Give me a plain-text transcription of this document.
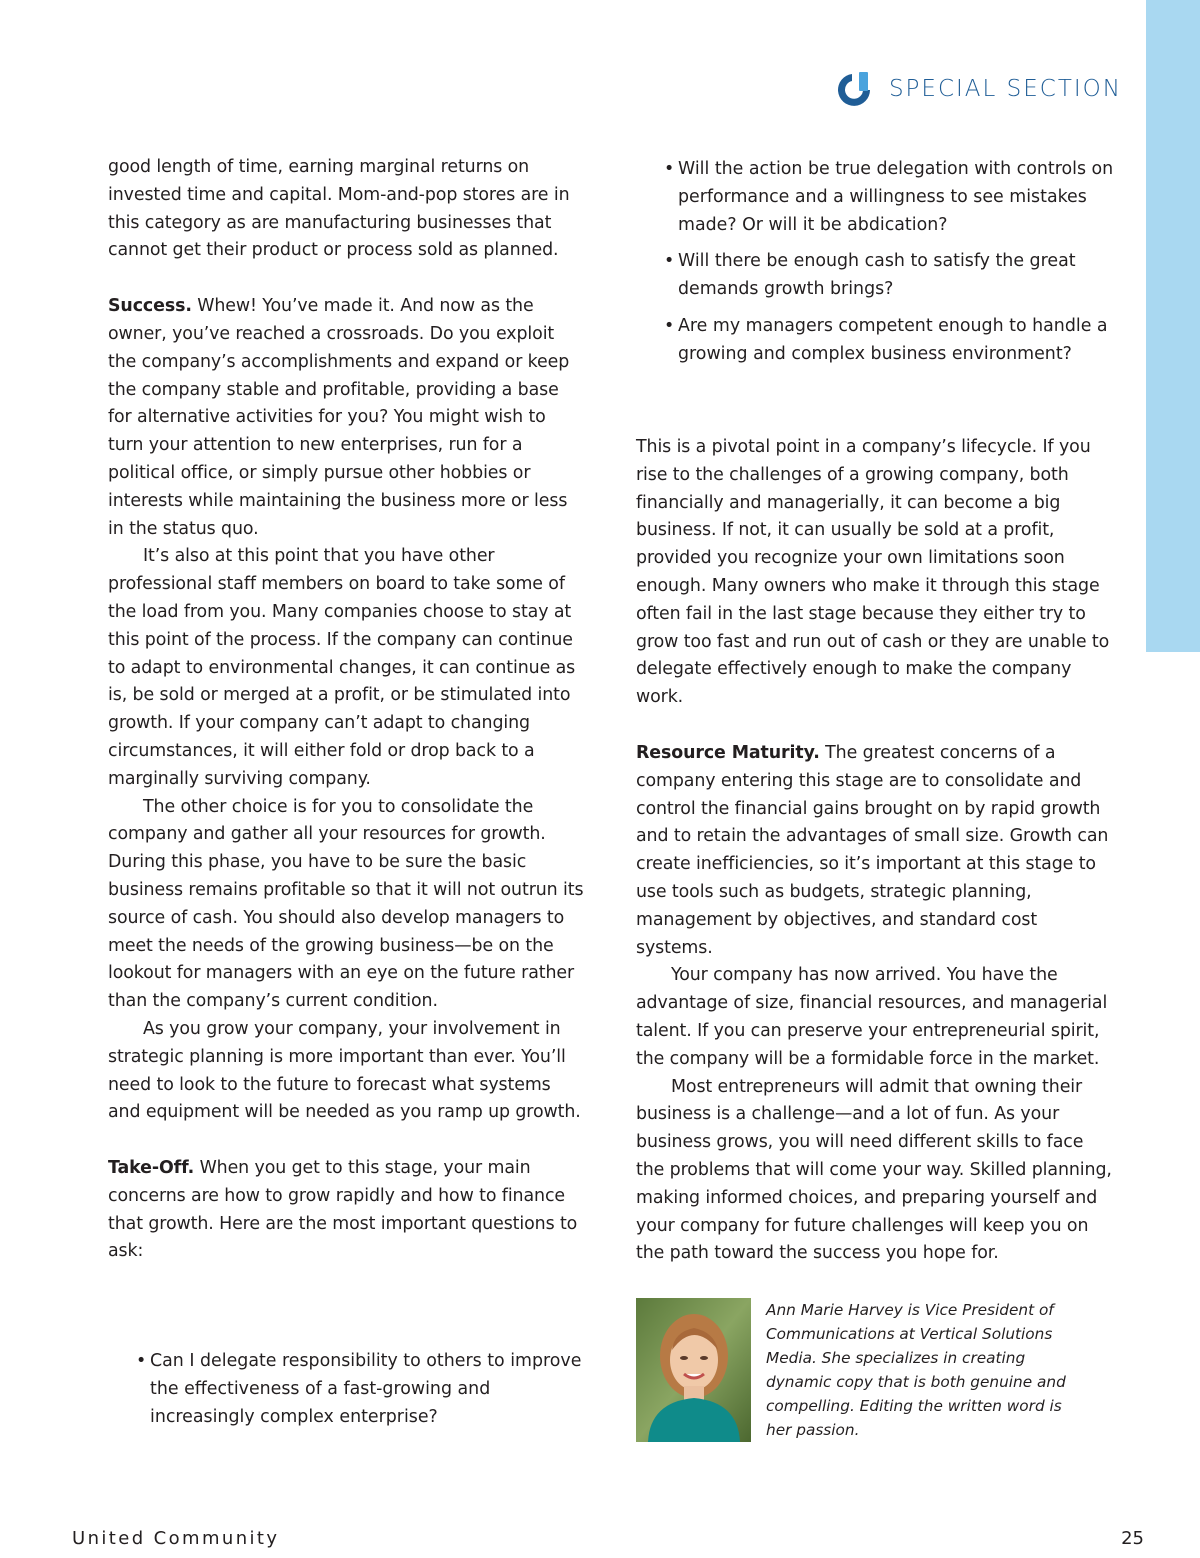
SPECIAL SECTION

good length of time, earning marginal returns on invested time and capital. Mom-and-pop stores are in this category as are manufacturing businesses that cannot get their product or process sold as planned.

Success. Whew! You’ve made it. And now as the owner, you’ve reached a crossroads. Do you exploit the company’s accomplishments and expand or keep the company stable and profitable, providing a base for alternative activities for you? You might wish to turn your attention to new enterprises, run for a political office, or simply pursue other hobbies or interests while maintaining the business more or less in the status quo.

It’s also at this point that you have other professional staff members on board to take some of the load from you. Many companies choose to stay at this point of the process. If the company can continue to adapt to environmental changes, it can continue as is, be sold or merged at a profit, or be stimulated into growth. If your company can’t adapt to changing circumstances, it will either fold or drop back to a marginally surviving company.

The other choice is for you to consolidate the company and gather all your resources for growth. During this phase, you have to be sure the basic business remains profitable so that it will not outrun its source of cash. You should also develop managers to meet the needs of the growing business—be on the lookout for managers with an eye on the future rather than the company’s current condition.

As you grow your company, your involvement in strategic planning is more important than ever. You’ll need to look to the future to forecast what systems and equipment will be needed as you ramp up growth.

Take-Off. When you get to this stage, your main concerns are how to grow rapidly and how to finance that growth. Here are the most important questions to ask:

• Can I delegate responsibility to others to improve the effectiveness of a fast-growing and increasingly complex enterprise?
• Will the action be true delegation with controls on performance and a willingness to see mistakes made? Or will it be abdication?
• Will there be enough cash to satisfy the great demands growth brings?
• Are my managers competent enough to handle a growing and complex business environment?

This is a pivotal point in a company’s lifecycle. If you rise to the challenges of a growing company, both financially and managerially, it can become a big business. If not, it can usually be sold at a profit, provided you recognize your own limitations soon enough. Many owners who make it through this stage often fail in the last stage because they either try to grow too fast and run out of cash or they are unable to delegate effectively enough to make the company work.

Resource Maturity. The greatest concerns of a company entering this stage are to consolidate and control the financial gains brought on by rapid growth and to retain the advantages of small size. Growth can create inefficiencies, so it’s important at this stage to use tools such as budgets, strategic planning, management by objectives, and standard cost systems.

Your company has now arrived. You have the advantage of size, financial resources, and managerial talent. If you can preserve your entrepreneurial spirit, the company will be a formidable force in the market.

Most entrepreneurs will admit that owning their business is a challenge—and a lot of fun. As your business grows, you will need different skills to face the problems that will come your way. Skilled planning, making informed choices, and preparing yourself and your company for future challenges will keep you on the path toward the success you hope for.

Ann Marie Harvey is Vice President of Communications at Vertical Solutions Media. She specializes in creating dynamic copy that is both genuine and compelling. Editing the written word is her passion.
United Community	25
